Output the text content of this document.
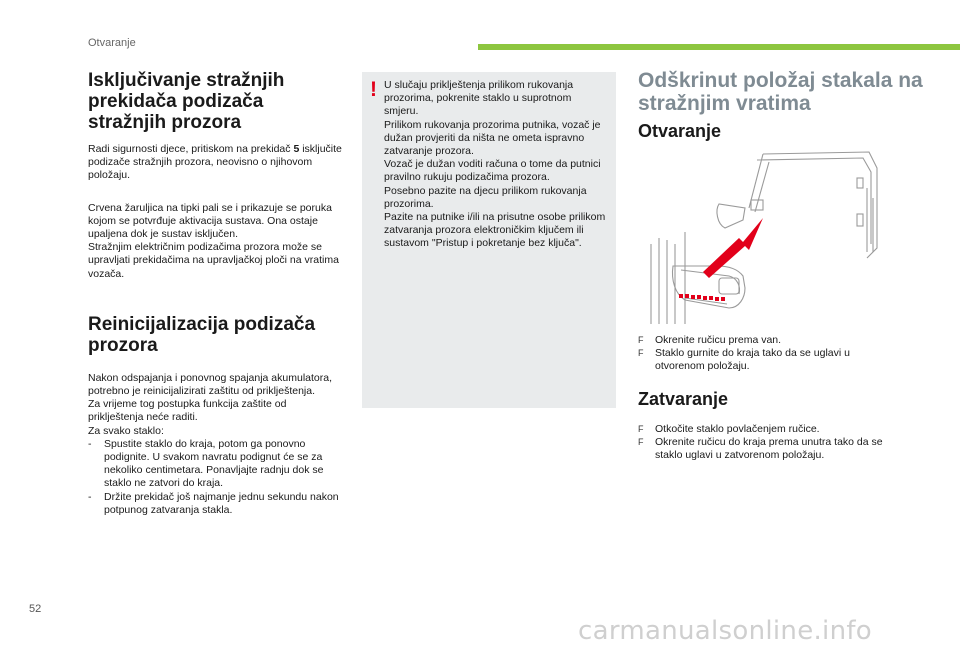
Otvaranje
Isključivanje stražnjih prekidača podizača stražnjih prozora

Radi sigurnosti djece, pritiskom na prekidač 5 isključite podizače stražnjih prozora, neovisno o njihovom položaju.

Crvena žaruljica na tipki pali se i prikazuje se poruka kojom se potvrđuje aktivacija sustava. Ona ostaje upaljena dok je sustav isključen.
Stražnjim električnim podizačima prozora može se upravljati prekidačima na upravljačkoj ploči na vratima vozača.

Reinicijalizacija podizača prozora

Nakon odspajanja i ponovnog spajanja akumulatora, potrebno je reinicijalizirati zaštitu od priklještenja.
Za vrijeme tog postupka funkcija zaštite od priklještenja neće raditi.
Za svako staklo:

- Spustite staklo do kraja, potom ga ponovno podignite. U svakom navratu podignut će se za nekoliko centimetara. Ponavljajte radnju dok se staklo ne zatvori do kraja.
- Držite prekidač još najmanje jednu sekundu nakon potpunog zatvaranja stakla.
! U slučaju priklještenja prilikom rukovanja prozorima, pokrenite staklo u suprotnom smjeru.
Prilikom rukovanja prozorima putnika, vozač je dužan provjeriti da ništa ne ometa ispravno zatvaranje prozora.
Vozač je dužan voditi računa o tome da putnici pravilno rukuju podizačima prozora.
Posebno pazite na djecu prilikom rukovanja prozorima.
Pazite na putnike i/ili na prisutne osobe prilikom zatvaranja prozora elektroničkim ključem ili sustavom "Pristup i pokretanje bez ključa".

Odškrinut položaj stakala na stražnjim vratima
Otvaranje
F Okrenite ručicu prema van.
F Staklo gurnite do kraja tako da se uglavi u otvorenom položaju.
Zatvaranje
F Otkočite staklo povlačenjem ručice.
F Okrenite ručicu do kraja prema unutra tako da se staklo uglavi u zatvorenom položaju.
52
carmanualsonline.info
